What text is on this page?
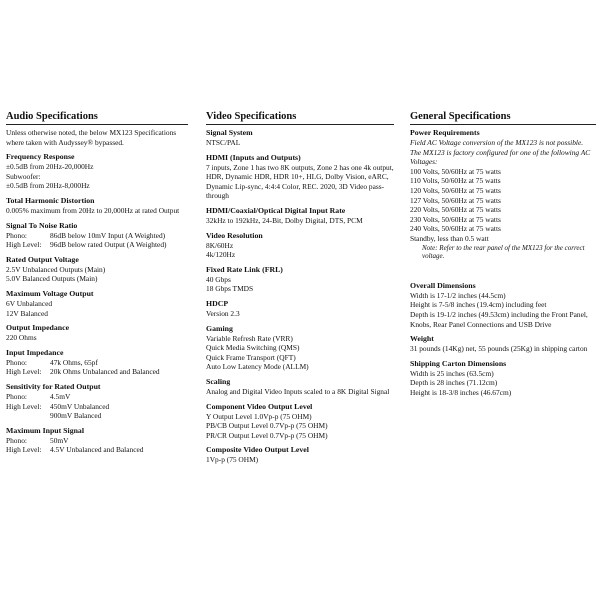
Audio Specifications
Unless otherwise noted, the below MX123 Specifications where taken with Audyssey® bypassed.
Frequency Response
±0.5dB from 20Hz-20,000Hz
Subwoofer:
±0.5dB from 20Hz-8,000Hz
Total Harmonic Distortion
0.005% maximum from 20Hz to 20,000Hz at rated Output
Signal To Noise Ratio
Phono:	86dB below 10mV Input (A Weighted)
High Level:	96dB below rated Output (A Weighted)
Rated Output Voltage
2.5V Unbalanced Outputs (Main)
5.0V Balanced Outputs (Main)
Maximum Voltage Output
6V Unbalanced
12V Balanced
Output Impedance
220 Ohms
Input Impedance
Phono:	47k Ohms, 65pf
High Level:	20k Ohms Unbalanced and Balanced
Sensitivity for Rated Output
Phono:	4.5mV
High Level:	450mV Unbalanced
900mV Balanced
Maximum Input Signal
Phono:	50mV
High Level:	4.5V Unbalanced and Balanced
Video Specifications
Signal System
NTSC/PAL
HDMI (Inputs and Outputs)
7 inputs, Zone 1 has two 8K outputs, Zone 2 has one 4k output, HDR, Dynamic HDR, HDR 10+, HLG, Dolby Vision, eARC, Dynamic Lip-sync, 4:4:4 Color, REC. 2020, 3D Video pass-through
HDMI/Coaxial/Optical Digital Input Rate
32kHz to 192kHz, 24-Bit, Dolby Digital, DTS, PCM
Video Resolution
8K/60Hz
4k/120Hz
Fixed Rate Link (FRL)
40 Gbps
18 Gbps TMDS
HDCP
Version 2.3
Gaming
Variable Refresh Rate (VRR)
Quick Media Switching (QMS)
Quick Frame Transport (QFT)
Auto Low Latency Mode (ALLM)
Scaling
Analog and Digital Video Inputs scaled to a 8K Digital Signal
Component Video Output Level
Y Output Level 1.0Vp-p (75 OHM)
PB/CB Output Level 0.7Vp-p (75 OHM)
PR/CR Output Level 0.7Vp-p (75 OHM)
Composite Video Output Level
1Vp-p (75 OHM)
General Specifications
Power Requirements
Field AC Voltage conversion of the MX123 is not possible. The MX123 is factory configured for one of the following AC Voltages:
100 Volts, 50/60Hz at 75 watts
110 Volts, 50/60Hz at 75 watts
120 Volts, 50/60Hz at 75 watts
127 Volts, 50/60Hz at 75 watts
220 Volts, 50/60Hz at 75 watts
230 Volts, 50/60Hz at 75 watts
240 Volts, 50/60Hz at 75 watts
Standby, less than 0.5 watt
Note: Refer to the rear panel of the MX123 for the correct voltage.
Overall Dimensions
Width is 17-1/2 inches (44.5cm)
Height is 7-5/8 inches (19.4cm) including feet
Depth is 19-1/2 inches (49.53cm) including the Front Panel, Knobs, Rear Panel Connections and USB Drive
Weight
31 pounds (14Kg) net, 55 pounds (25Kg) in shipping carton
Shipping Carton Dimensions
Width is 25 inches (63.5cm)
Depth is 28 inches (71.12cm)
Height is 18-3/8 inches (46.67cm)
